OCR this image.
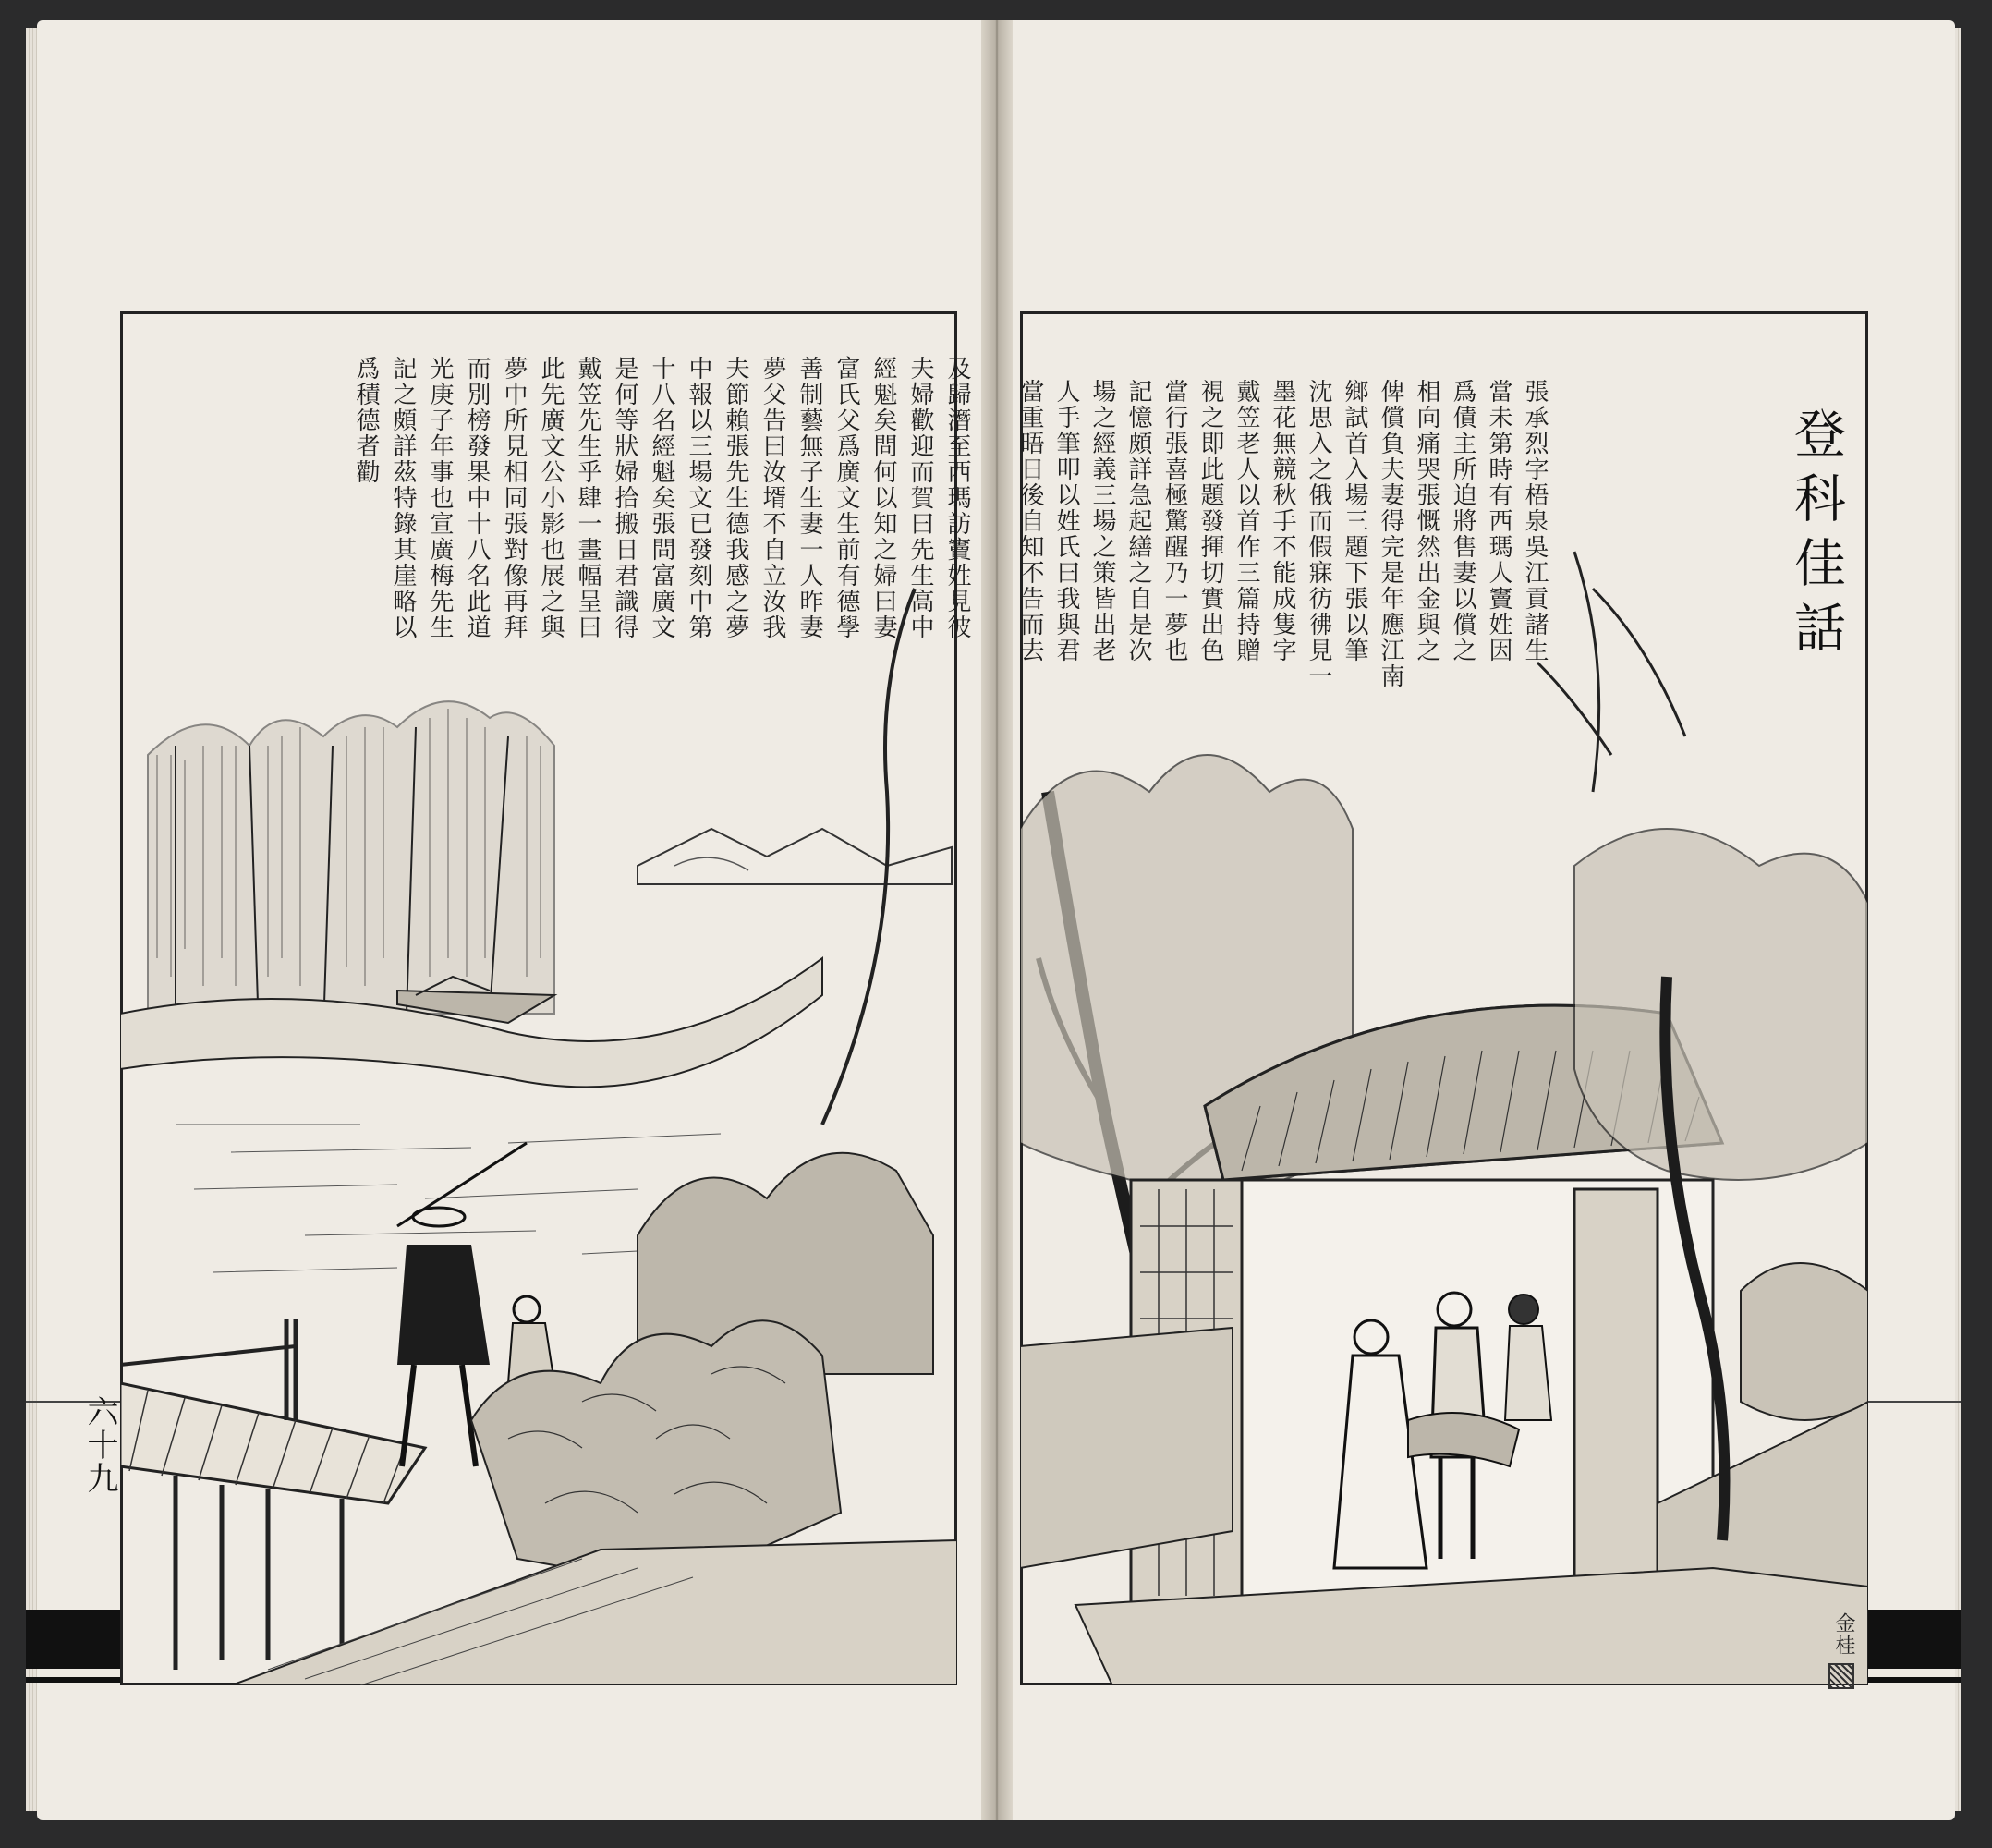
六十九
及歸潛至西瑪訪竇姓見彼
夫婦歡迎而賀曰先生高中
經魁矣問何以知之婦曰妻
富氏父爲廣文生前有德學
善制藝無子生妻一人昨妻
夢父告曰汝壻不自立汝我
夫節賴張先生德我感之夢
中報以三場文已發刻中第
十八名經魁矣張問富廣文
是何等狀婦拾搬日君識得
戴笠先生乎肆一畫幅呈曰
此先廣文公小影也展之與
夢中所見相同張對像再拜
而別榜發果中十八名此道
光庚子年事也宣廣梅先生
記之頗詳茲特錄其崖略以
爲積德者勸	登科佳話
張承烈字梧泉吳江貢諸生
當未第時有西瑪人竇姓因
爲債主所迫將售妻以償之
相向痛哭張慨然出金與之
俾償負夫妻得完是年應江南
鄉試首入場三題下張以筆
沈思入之俄而假寐彷彿見一
墨花無競秋手不能成隻字
戴笠老人以首作三篇持贈
視之即此題發揮切實出色
當行張喜極驚醒乃一夢也
記憶頗詳急起繕之自是次
場之經義三場之策皆出老
人手筆叩以姓氏曰我與君
當重晤日後自知不告而去
金桂
